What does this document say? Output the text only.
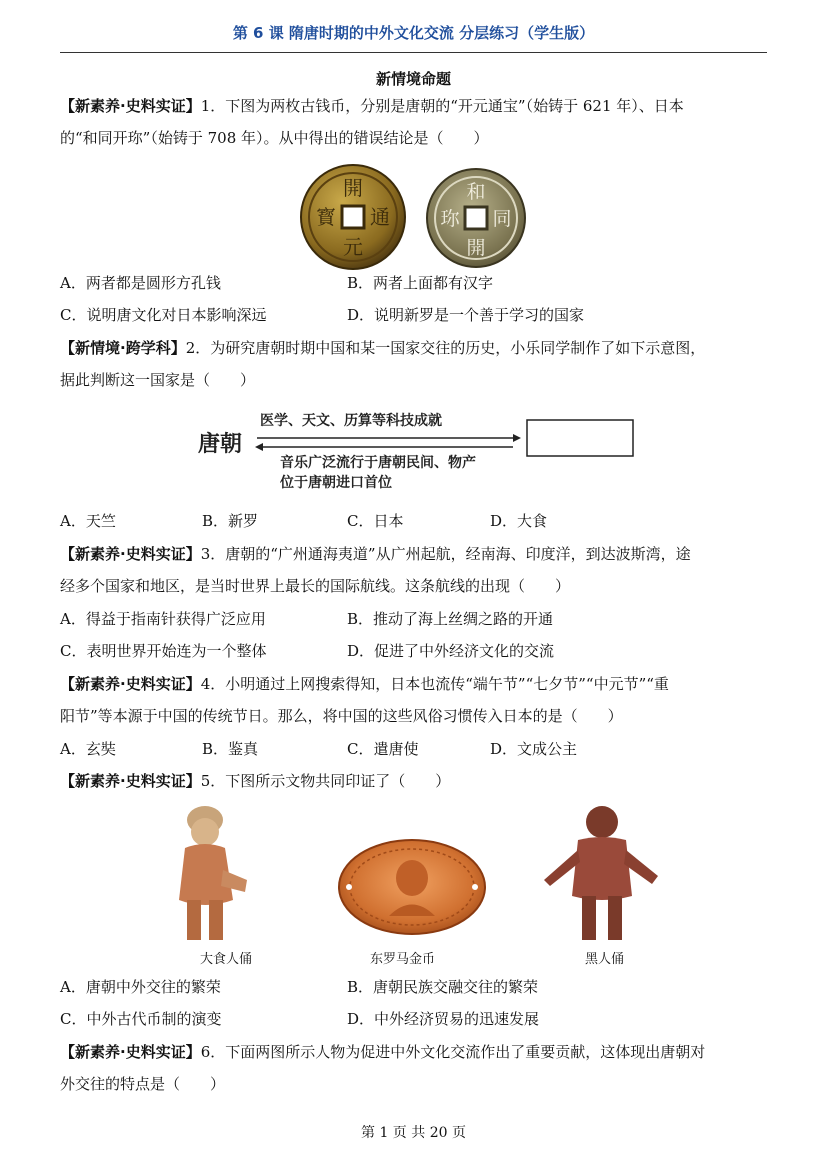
第 6 课 隋唐时期的中外文化交流 分层练习（学生版）
新情境命题
【新素养·史料实证】1．下图为两枚古钱币，分别是唐朝的“开元通宝”（始铸于 621 年）、日本
的“和同开珎”（始铸于 708 年）。从中得出的错误结论是（　　）
開
通
元
寳
和
同
開
珎
A．两者都是圆形方孔钱	B．两者上面都有汉字
C．说明唐文化对日本影响深远	D．说明新罗是一个善于学习的国家
【新情境·跨学科】2．为研究唐朝时期中国和某一国家交往的历史，小乐同学制作了如下示意图，
据此判断这一国家是（　　）
唐朝
医学、天文、历算等科技成就
音乐广泛流行于唐朝民间、物产
位于唐朝进口首位
A．天竺	B．新罗	C．日本	D．大食
【新素养·史料实证】3．唐朝的“广州通海夷道”从广州起航，经南海、印度洋，到达波斯湾，途
经多个国家和地区，是当时世界上最长的国际航线。这条航线的出现（　　）
A．得益于指南针获得广泛应用	B．推动了海上丝绸之路的开通
C．表明世界开始连为一个整体	D．促进了中外经济文化的交流
【新素养·史料实证】4．小明通过上网搜索得知，日本也流传“端午节”“七夕节”“中元节”“重
阳节”等本源于中国的传统节日。那么，将中国的这些风俗习惯传入日本的是（　　）
A．玄奘	B．鉴真	C．遣唐使	D．文成公主
【新素养·史料实证】5．下图所示文物共同印证了（　　）
大食人俑	东罗马金币	黑人俑
A．唐朝中外交往的繁荣	B．唐朝民族交融交往的繁荣
C．中外古代币制的演变	D．中外经济贸易的迅速发展
【新素养·史料实证】6．下面两图所示人物为促进中外文化交流作出了重要贡献，这体现出唐朝对
外交往的特点是（　　）
第 1 页 共 20 页
